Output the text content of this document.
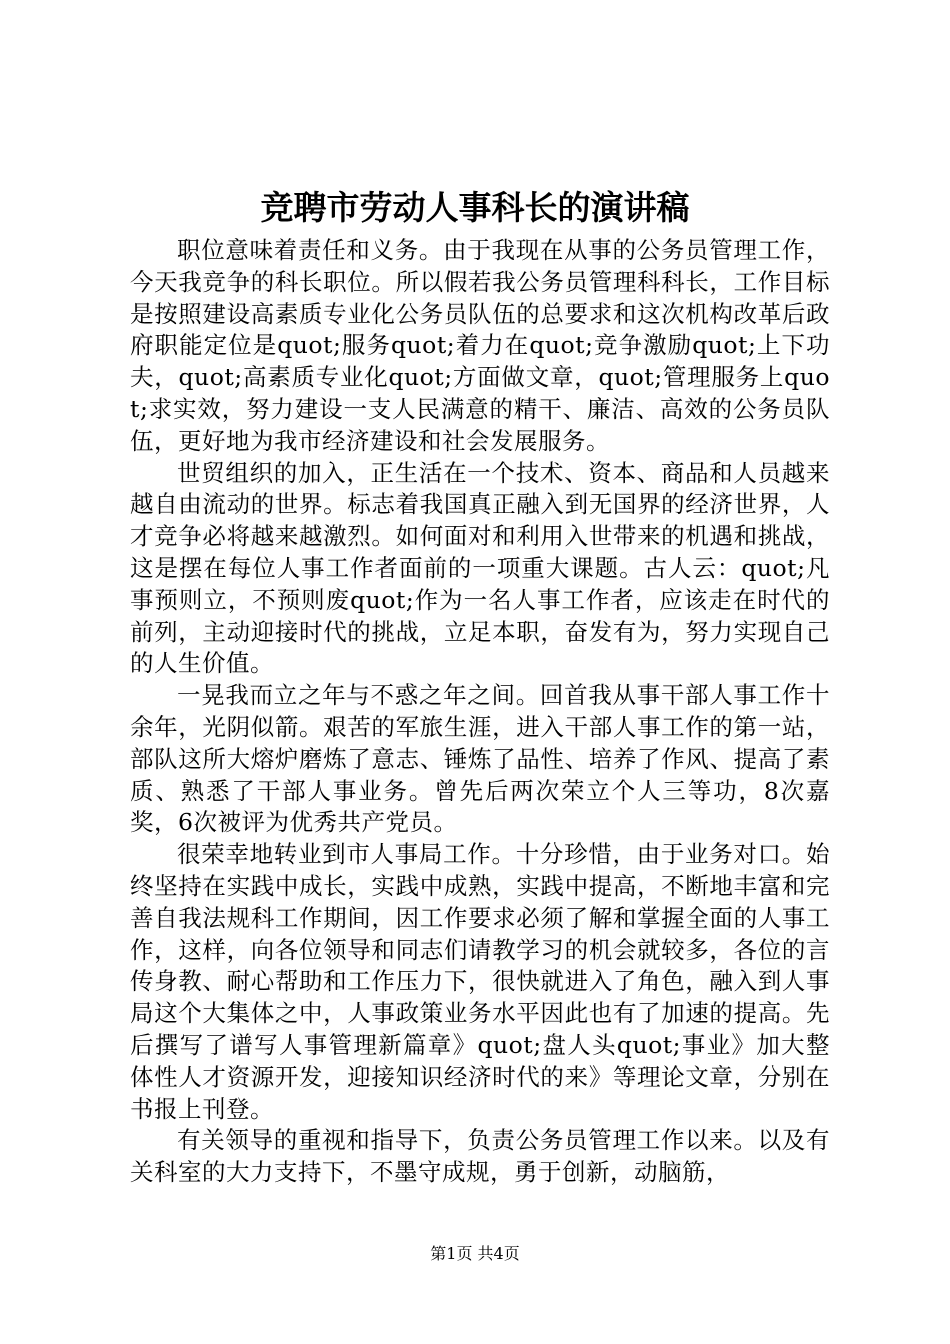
竞聘市劳动人事科长的演讲稿

职位意味着责任和义务。由于我现在从事的公务员管理工作，今天我竞争的科长职位。所以假若我公务员管理科科长，工作目标是按照建设高素质专业化公务员队伍的总要求和这次机构改革后政府职能定位是quot;服务quot;着力在quot;竞争激励quot;上下功夫，quot;高素质专业化quot;方面做文章，quot;管理服务上quot;求实效，努力建设一支人民满意的精干、廉洁、高效的公务员队伍，更好地为我市经济建设和社会发展服务。

世贸组织的加入，正生活在一个技术、资本、商品和人员越来越自由流动的世界。标志着我国真正融入到无国界的经济世界，人才竞争必将越来越激烈。如何面对和利用入世带来的机遇和挑战，这是摆在每位人事工作者面前的一项重大课题。古人云：quot;凡事预则立，不预则废quot;作为一名人事工作者，应该走在时代的前列，主动迎接时代的挑战，立足本职，奋发有为，努力实现自己的人生价值。

一晃我而立之年与不惑之年之间。回首我从事干部人事工作十余年，光阴似箭。艰苦的军旅生涯，进入干部人事工作的第一站，部队这所大熔炉磨炼了意志、锤炼了品性、培养了作风、提高了素质、熟悉了干部人事业务。曾先后两次荣立个人三等功，8次嘉奖，6次被评为优秀共产党员。

很荣幸地转业到市人事局工作。十分珍惜，由于业务对口。始终坚持在实践中成长，实践中成熟，实践中提高，不断地丰富和完善自我法规科工作期间，因工作要求必须了解和掌握全面的人事工作，这样，向各位领导和同志们请教学习的机会就较多，各位的言传身教、耐心帮助和工作压力下，很快就进入了角色，融入到人事局这个大集体之中，人事政策业务水平因此也有了加速的提高。先后撰写了谱写人事管理新篇章》quot;盘人头quot;事业》加大整体性人才资源开发，迎接知识经济时代的来》等理论文章，分别在书报上刊登。

有关领导的重视和指导下，负责公务员管理工作以来。以及有关科室的大力支持下，不墨守成规，勇于创新，动脑筋，

第1页 共4页
